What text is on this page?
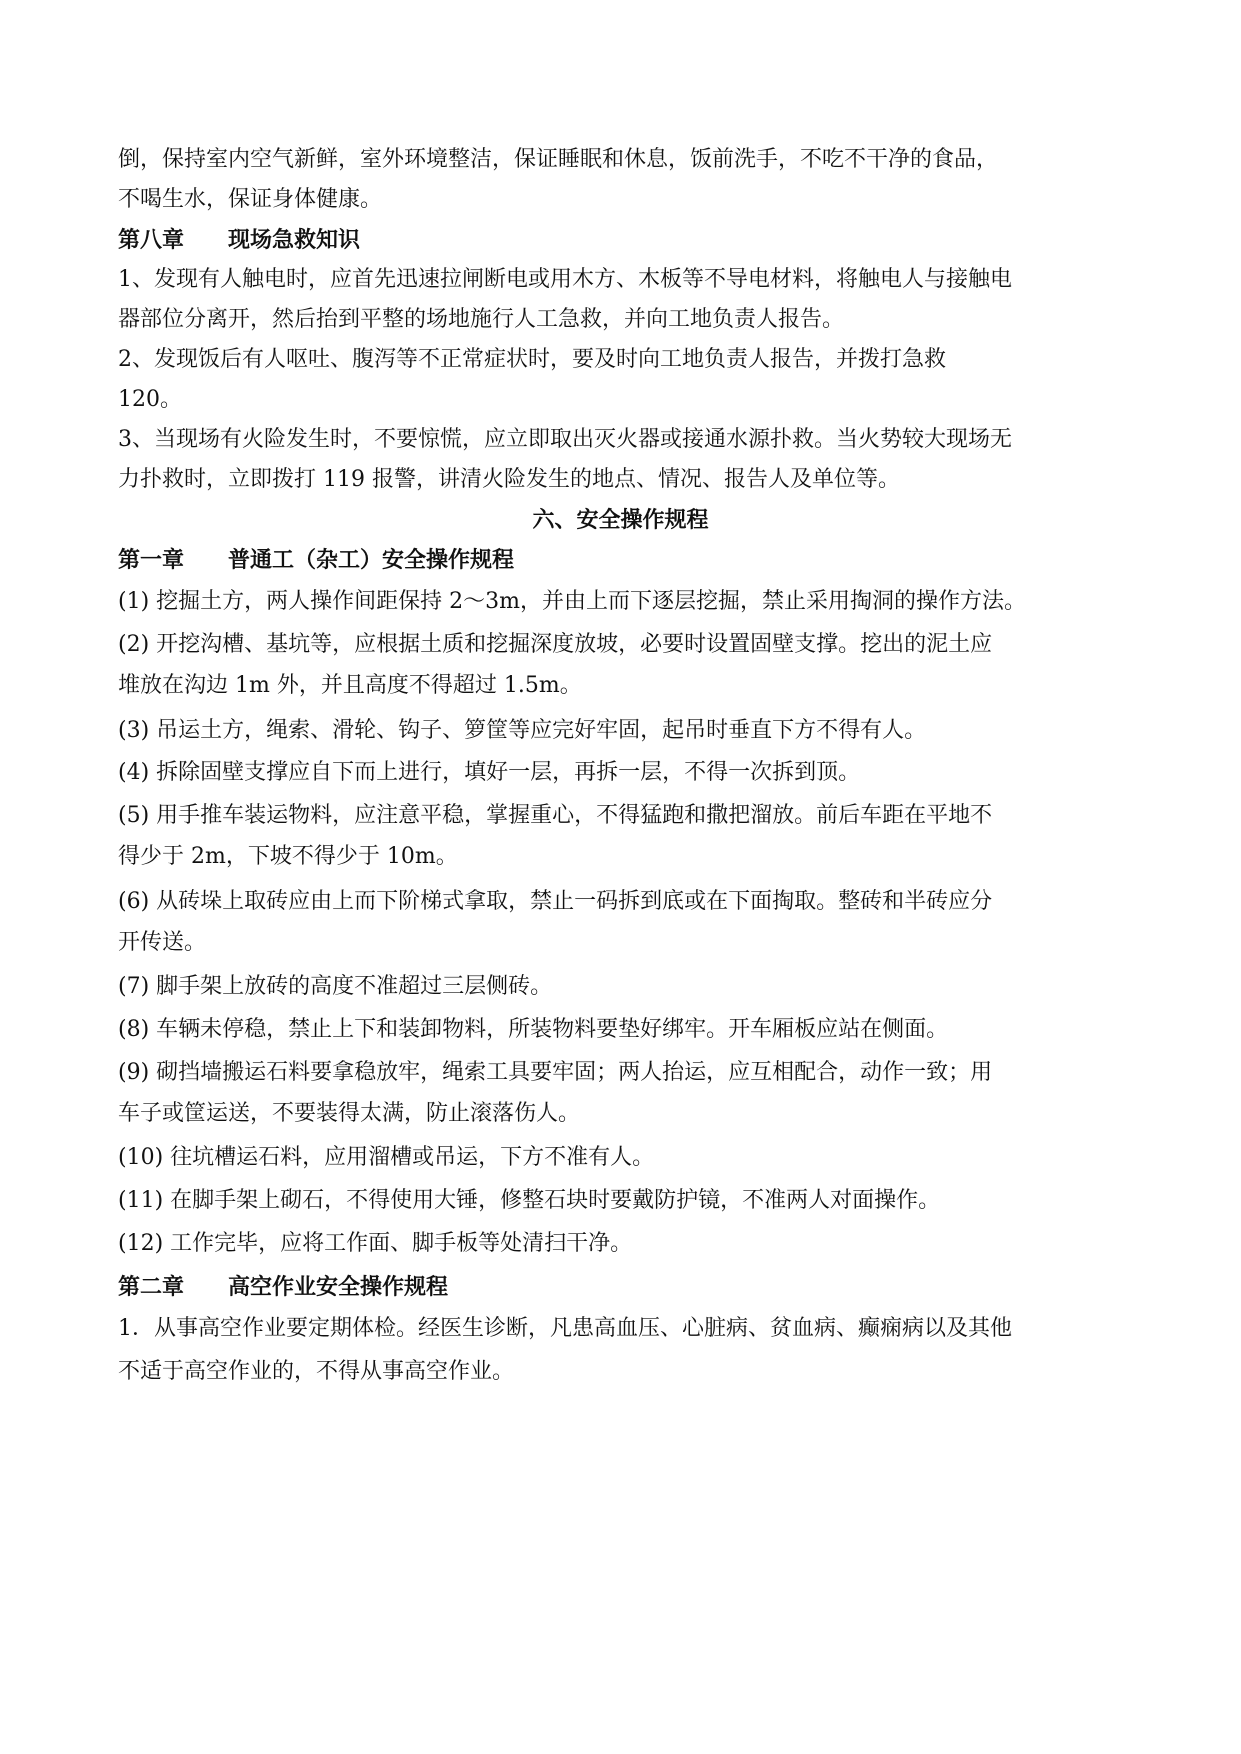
倒，保持室内空气新鲜，室外环境整洁，保证睡眠和休息，饭前洗手，不吃不干净的食品，
不喝生水，保证身体健康。
第八章　　现场急救知识
1、发现有人触电时，应首先迅速拉闸断电或用木方、木板等不导电材料，将触电人与接触电
器部位分离开，然后抬到平整的场地施行人工急救，并向工地负责人报告。
2、发现饭后有人呕吐、腹泻等不正常症状时，要及时向工地负责人报告，并拨打急救
120。
3、当现场有火险发生时，不要惊慌，应立即取出灭火器或接通水源扑救。当火势较大现场无
力扑救时，立即拨打 119 报警，讲清火险发生的地点、情况、报告人及单位等。
六、安全操作规程
第一章　　普通工（杂工）安全操作规程
(1) 挖掘土方，两人操作间距保持 2～3m，并由上而下逐层挖掘，禁止采用掏洞的操作方法。
(2) 开挖沟槽、基坑等，应根据土质和挖掘深度放坡，必要时设置固壁支撑。挖出的泥土应
堆放在沟边 1m 外，并且高度不得超过 1.5m。
(3) 吊运土方，绳索、滑轮、钩子、箩筐等应完好牢固，起吊时垂直下方不得有人。
(4) 拆除固壁支撑应自下而上进行，填好一层，再拆一层，不得一次拆到顶。
(5) 用手推车装运物料，应注意平稳，掌握重心，不得猛跑和撒把溜放。前后车距在平地不
得少于 2m，下坡不得少于 10m。
(6) 从砖垛上取砖应由上而下阶梯式拿取，禁止一码拆到底或在下面掏取。整砖和半砖应分
开传送。
(7) 脚手架上放砖的高度不准超过三层侧砖。
(8) 车辆未停稳，禁止上下和装卸物料，所装物料要垫好绑牢。开车厢板应站在侧面。
(9) 砌挡墙搬运石料要拿稳放牢，绳索工具要牢固；两人抬运，应互相配合，动作一致；用
车子或筐运送，不要装得太满，防止滚落伤人。
(10) 往坑槽运石料，应用溜槽或吊运，下方不准有人。
(11) 在脚手架上砌石，不得使用大锤，修整石块时要戴防护镜，不准两人对面操作。
(12) 工作完毕，应将工作面、脚手板等处清扫干净。
第二章　　高空作业安全操作规程
1．从事高空作业要定期体检。经医生诊断，凡患高血压、心脏病、贫血病、癫痫病以及其他
不适于高空作业的，不得从事高空作业。
